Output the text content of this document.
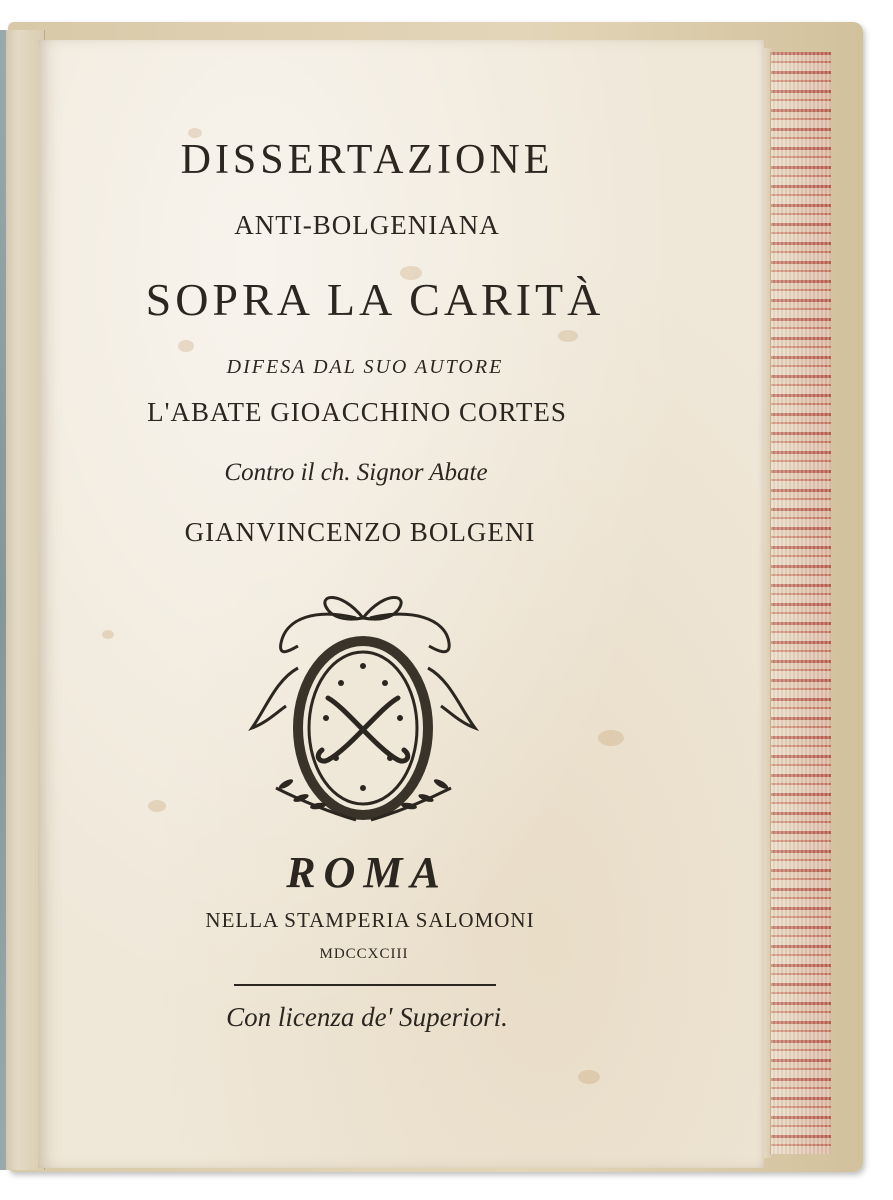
DISSERTAZIONE
ANTI-BOLGENIANA
SOPRA LA CARITÀ
DIFESA DAL SUO AUTORE
L'ABATE GIOACCHINO CORTES
Contro il ch. Signor Abate
GIANVINCENZO BOLGENI
ROMA
NELLA STAMPERIA SALOMONI
MDCCXCIII
Con licenza de' Superiori.
